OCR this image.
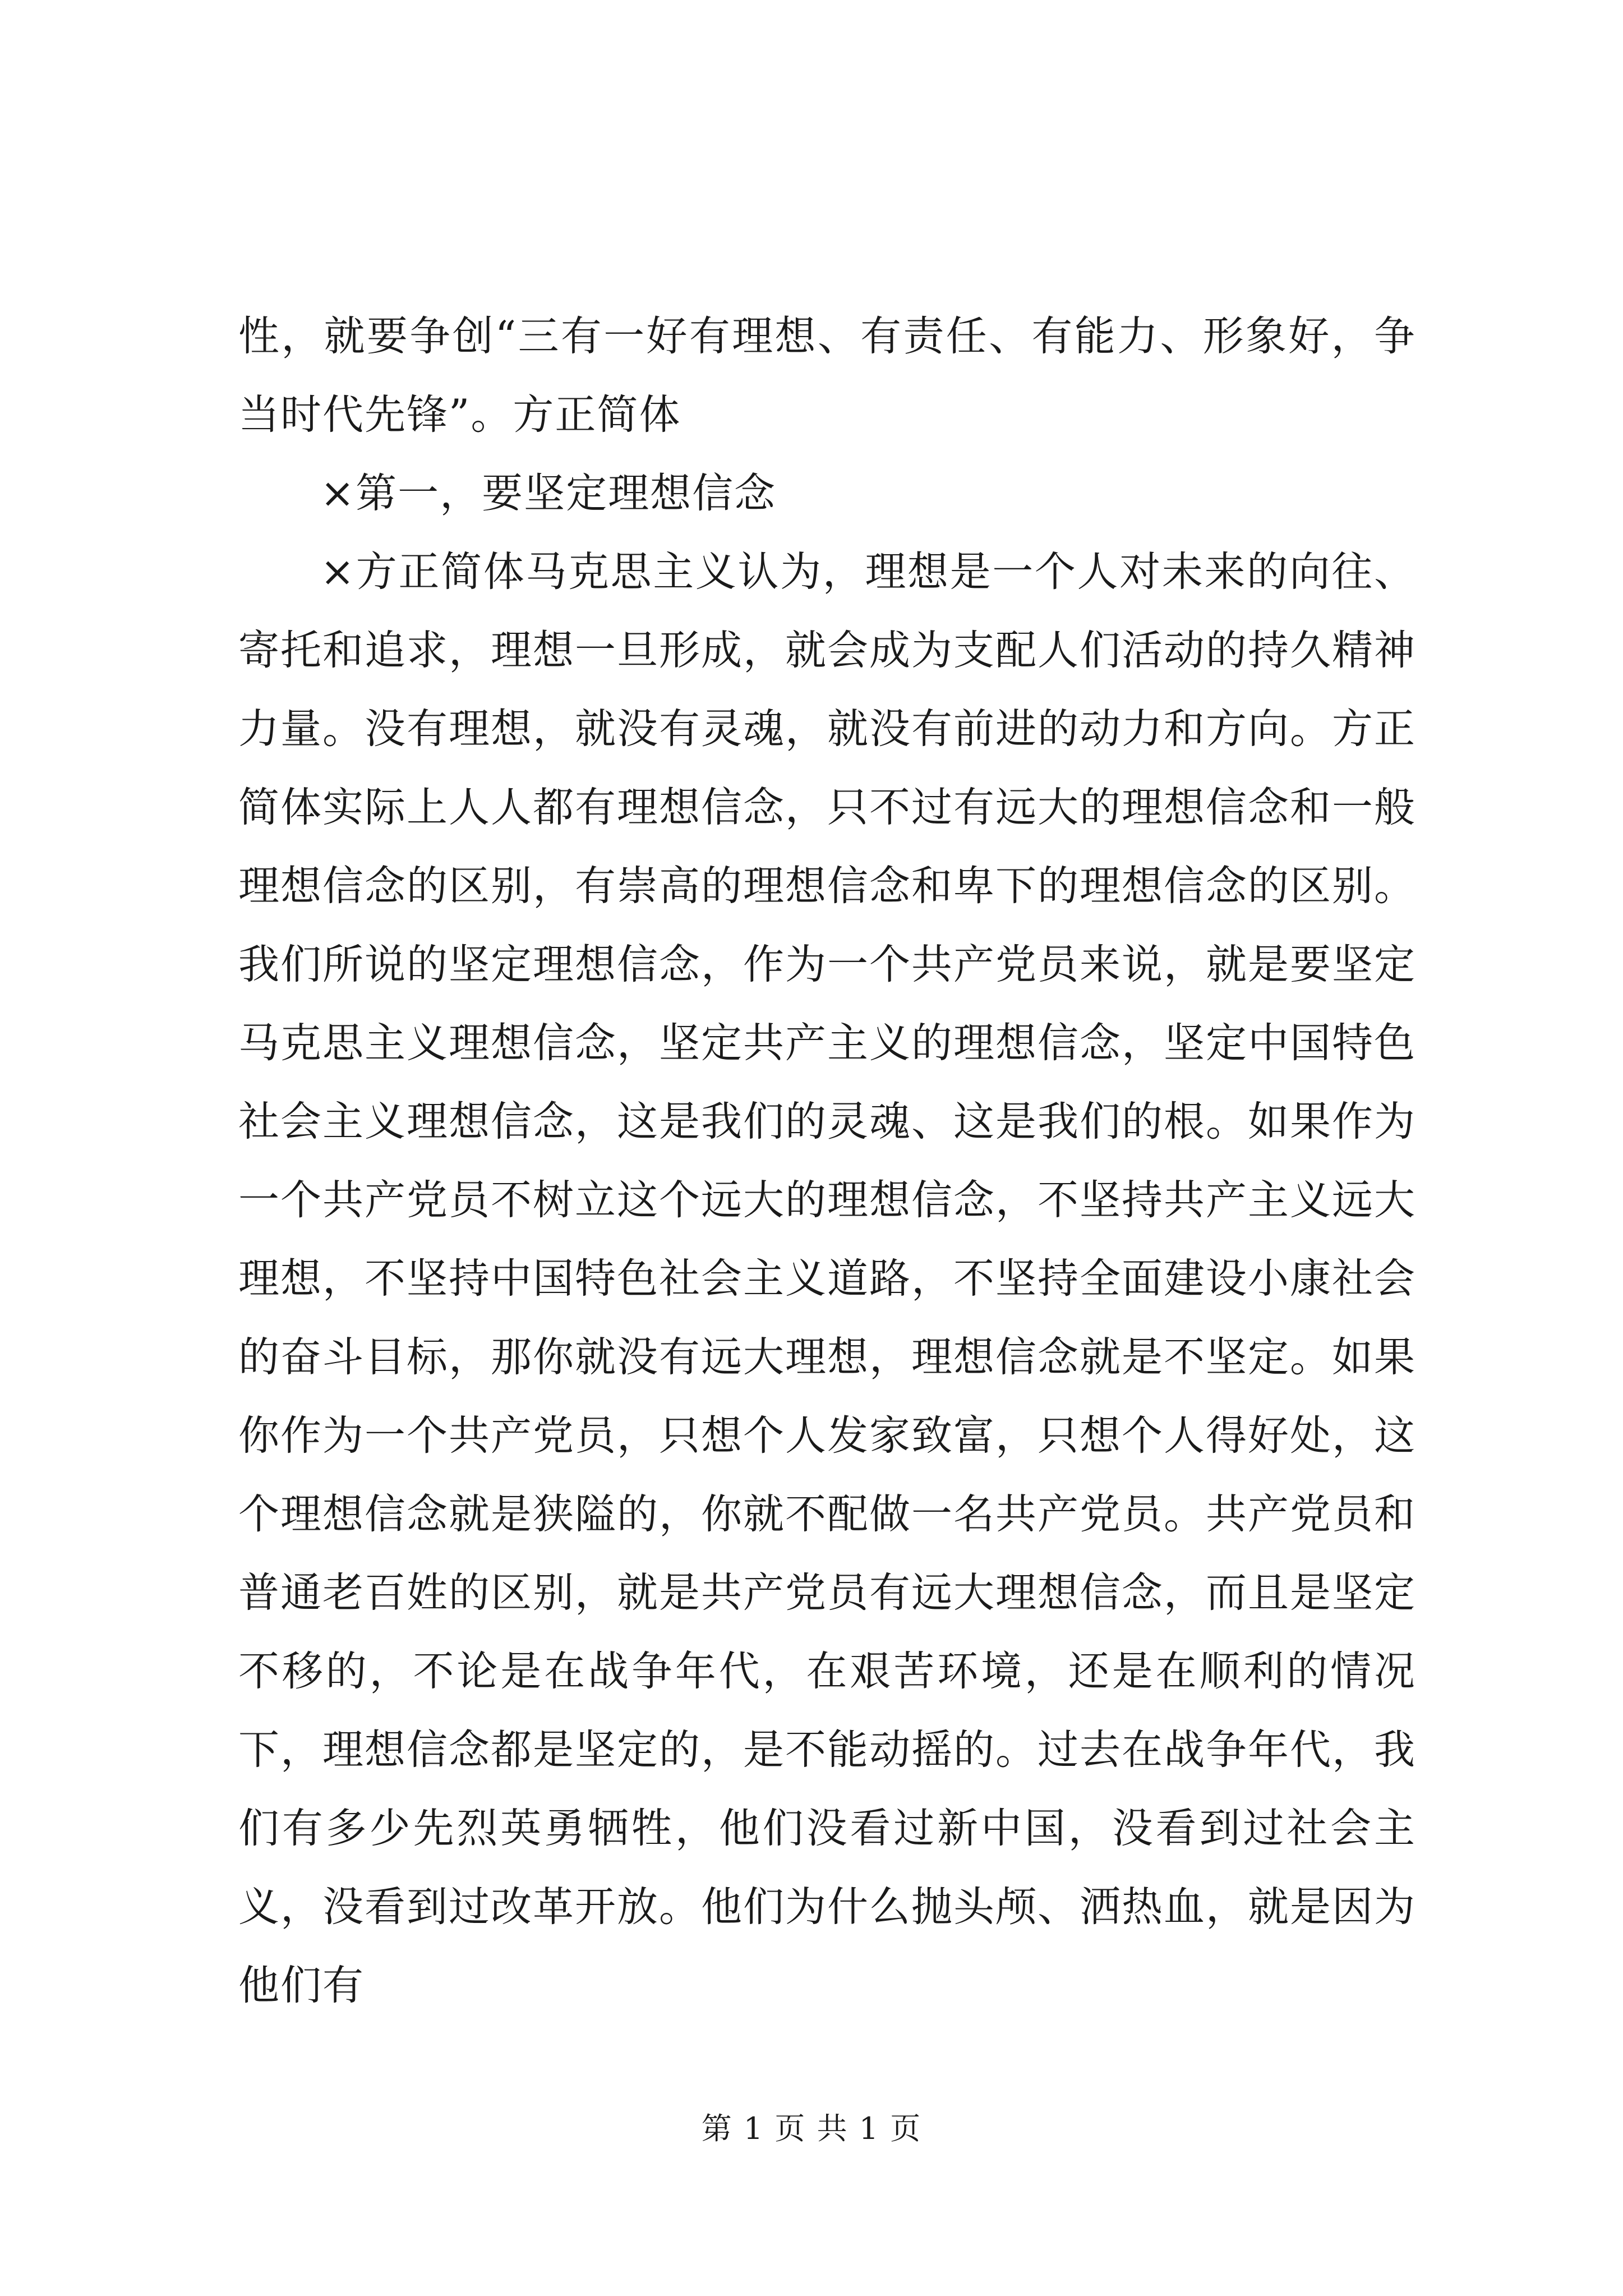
性，就要争创“三有一好有理想、有责任、有能力、形象好，争当时代先锋”。方正简体

×第一，要坚定理想信念

×方正简体马克思主义认为，理想是一个人对未来的向往、寄托和追求，理想一旦形成，就会成为支配人们活动的持久精神力量。没有理想，就没有灵魂，就没有前进的动力和方向。方正简体实际上人人都有理想信念，只不过有远大的理想信念和一般理想信念的区别，有崇高的理想信念和卑下的理想信念的区别。我们所说的坚定理想信念，作为一个共产党员来说，就是要坚定马克思主义理想信念，坚定共产主义的理想信念，坚定中国特色社会主义理想信念，这是我们的灵魂、这是我们的根。如果作为一个共产党员不树立这个远大的理想信念，不坚持共产主义远大理想，不坚持中国特色社会主义道路，不坚持全面建设小康社会的奋斗目标，那你就没有远大理想，理想信念就是不坚定。如果你作为一个共产党员，只想个人发家致富，只想个人得好处，这个理想信念就是狭隘的，你就不配做一名共产党员。共产党员和普通老百姓的区别，就是共产党员有远大理想信念，而且是坚定不移的，不论是在战争年代，在艰苦环境，还是在顺利的情况下，理想信念都是坚定的，是不能动摇的。过去在战争年代，我们有多少先烈英勇牺牲，他们没看过新中国，没看到过社会主义，没看到过改革开放。他们为什么抛头颅、洒热血，就是因为他们有

第 1 页 共 1 页
